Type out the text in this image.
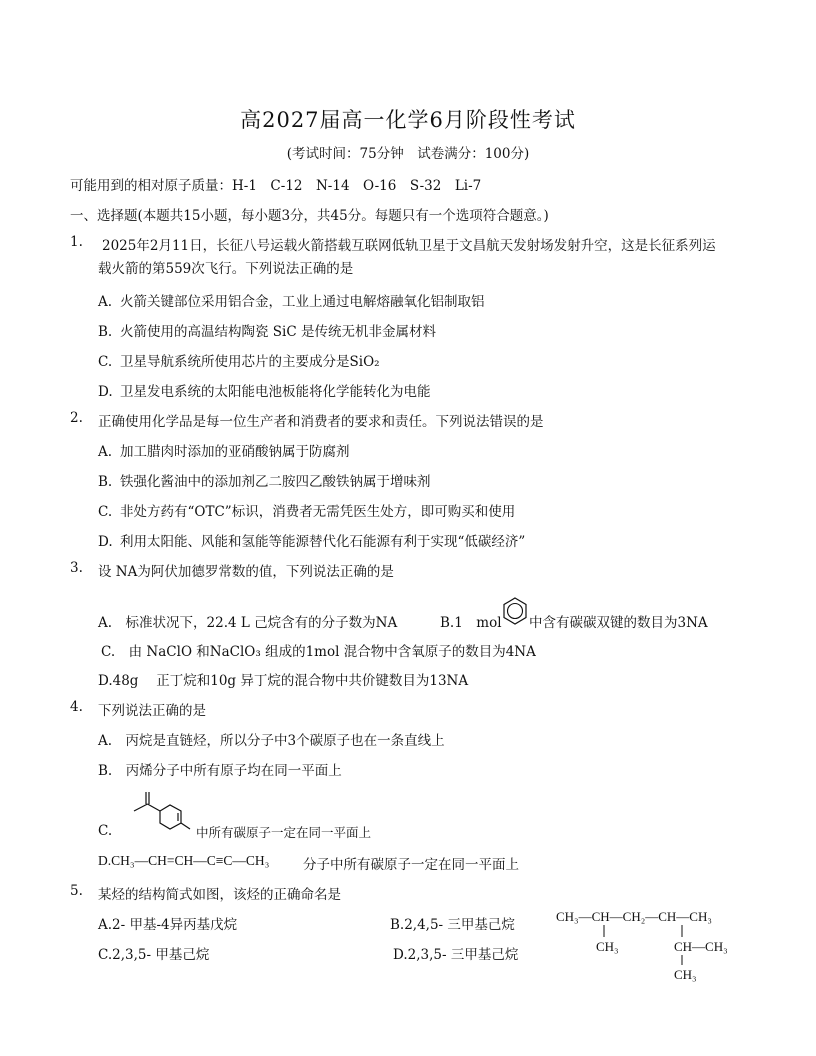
高2027届高一化学6月阶段性考试
(考试时间：75分钟　试卷满分：100分)
可能用到的相对原子质量：H-1　C-12　N-14　O-16　S-32　Li-7
一、选择题(本题共15小题，每小题3分，共45分。每题只有一个选项符合题意。)
1. 2025年2月11日，长征八号运载火箭搭载互联网低轨卫星于文昌航天发射场发射升空，这是长征系列运
载火箭的第559次飞行。下列说法正确的是
A. 火箭关键部位采用铝合金，工业上通过电解熔融氧化铝制取铝
B. 火箭使用的高温结构陶瓷 SiC 是传统无机非金属材料
C. 卫星导航系统所使用芯片的主要成分是SiO₂
D. 卫星发电系统的太阳能电池板能将化学能转化为电能
2. 正确使用化学品是每一位生产者和消费者的要求和责任。下列说法错误的是
A. 加工腊肉时添加的亚硝酸钠属于防腐剂
B. 铁强化酱油中的添加剂乙二胺四乙酸铁钠属于增味剂
C. 非处方药有“OTC”标识，消费者无需凭医生处方，即可购买和使用
D. 利用太阳能、风能和氢能等能源替代化石能源有利于实现“低碳经济”
3. 设 NA为阿伏加德罗常数的值，下列说法正确的是
A.　标准状况下，22.4 L 己烷含有的分子数为NA	B.1　mol 中含有碳碳双键的数目为3NA
C.　由 NaClO 和NaClO₃ 组成的1mol 混合物中含氧原子的数目为4NA
D.48g　 正丁烷和10g 异丁烷的混合物中共价键数目为13NA
4. 下列说法正确的是
A.　丙烷是直链烃，所以分子中3个碳原子也在一条直线上
B.　丙烯分子中所有原子均在同一平面上
C.	中所有碳原子一定在同一平面上
D.CH₃—CH=CH—C≡C—CH₃ 分子中所有碳原子一定在同一平面上
5. 某烃的结构简式如图，该烃的正确命名是
A.2- 甲基-4异丙基戊烷	B.2,4,5- 三甲基己烷
C.2,3,5- 甲基己烷	D.2,3,5- 三甲基己烷
CH₃—CH—CH₂—CH—CH₃
CH₃	CH—CH₃
CH₃
